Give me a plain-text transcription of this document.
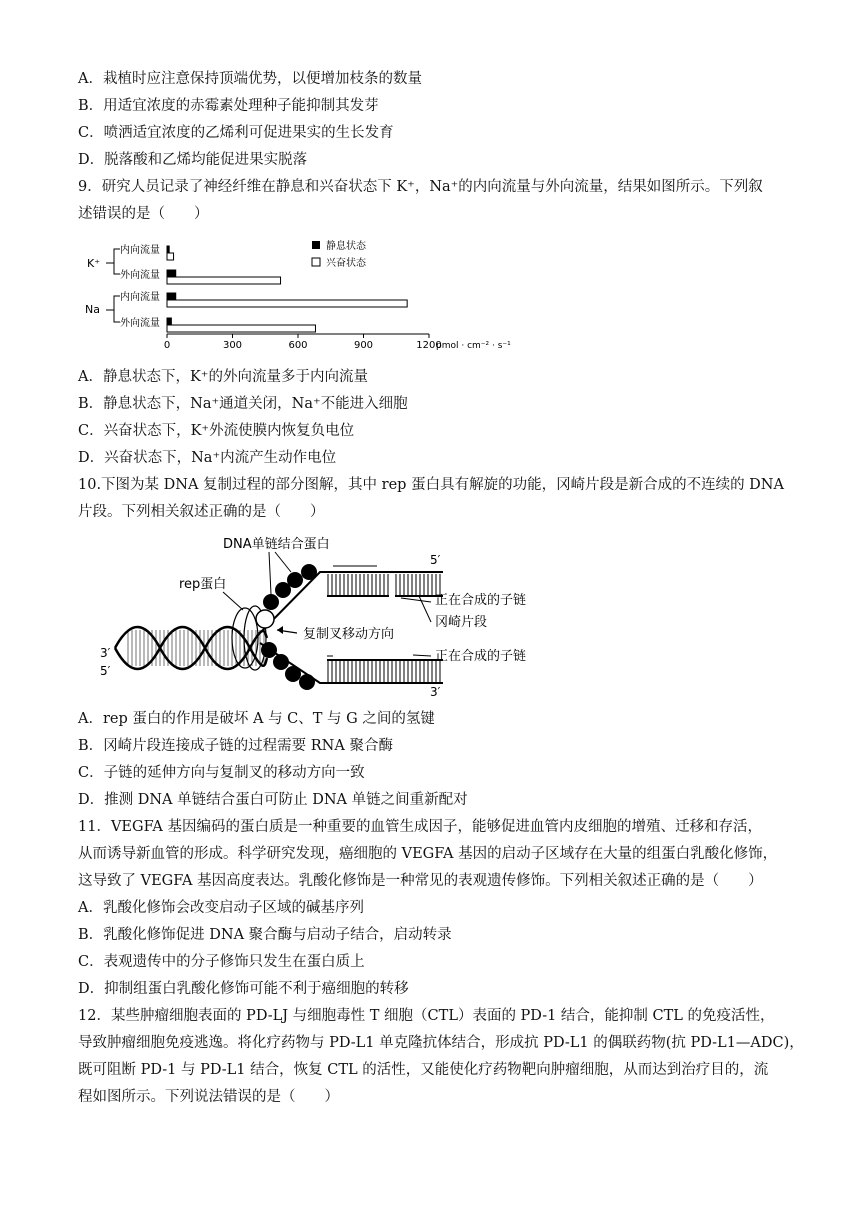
A．栽植时应注意保持顶端优势，以便增加枝条的数量
B．用适宜浓度的赤霉素处理种子能抑制其发芽
C．喷洒适宜浓度的乙烯利可促进果实的生长发育
D．脱落酸和乙烯均能促进果实脱落
9．研究人员记录了神经纤维在静息和兴奋状态下 K⁺，Na⁺的内向流量与外向流量，结果如图所示。下列叙
述错误的是（　　）
静息状态
兴奋状态
K⁺
Na
内向流量
外向流量
内向流量
外向流量
0	300	600	900	1200
pmol · cm⁻² · s⁻¹
A．静息状态下，K⁺的外向流量多于内向流量
B．静息状态下，Na⁺通道关闭，Na⁺不能进入细胞
C．兴奋状态下，K⁺外流使膜内恢复负电位
D．兴奋状态下，Na⁺内流产生动作电位
10.下图为某 DNA 复制过程的部分图解，其中 rep 蛋白具有解旋的功能，冈崎片段是新合成的不连续的 DNA
片段。下列相关叙述正确的是（　　）
3′
5′
rep蛋白
DNA单链结合蛋白
5′
3′
复制叉移动方向
正在合成的子链
冈崎片段
正在合成的子链
A．rep 蛋白的作用是破坏 A 与 C、T 与 G 之间的氢键
B．冈崎片段连接成子链的过程需要 RNA 聚合酶
C．子链的延伸方向与复制叉的移动方向一致
D．推测 DNA 单链结合蛋白可防止 DNA 单链之间重新配对
11．VEGFA 基因编码的蛋白质是一种重要的血管生成因子，能够促进血管内皮细胞的增殖、迁移和存活，
从而诱导新血管的形成。科学研究发现，癌细胞的 VEGFA 基因的启动子区域存在大量的组蛋白乳酸化修饰，
这导致了 VEGFA 基因高度表达。乳酸化修饰是一种常见的表观遗传修饰。下列相关叙述正确的是（　　）
A．乳酸化修饰会改变启动子区域的碱基序列
B．乳酸化修饰促进 DNA 聚合酶与启动子结合，启动转录
C．表观遗传中的分子修饰只发生在蛋白质上
D．抑制组蛋白乳酸化修饰可能不利于癌细胞的转移
12．某些肿瘤细胞表面的 PD-LJ 与细胞毒性 T 细胞（CTL）表面的 PD-1 结合，能抑制 CTL 的免疫活性，
导致肿瘤细胞免疫逃逸。将化疗药物与 PD-L1 单克隆抗体结合，形成抗 PD-L1 的偶联药物(抗 PD-L1—ADC)，
既可阻断 PD-1 与 PD-L1 结合，恢复 CTL 的活性，又能使化疗药物靶向肿瘤细胞，从而达到治疗目的，流
程如图所示。下列说法错误的是（　　）
